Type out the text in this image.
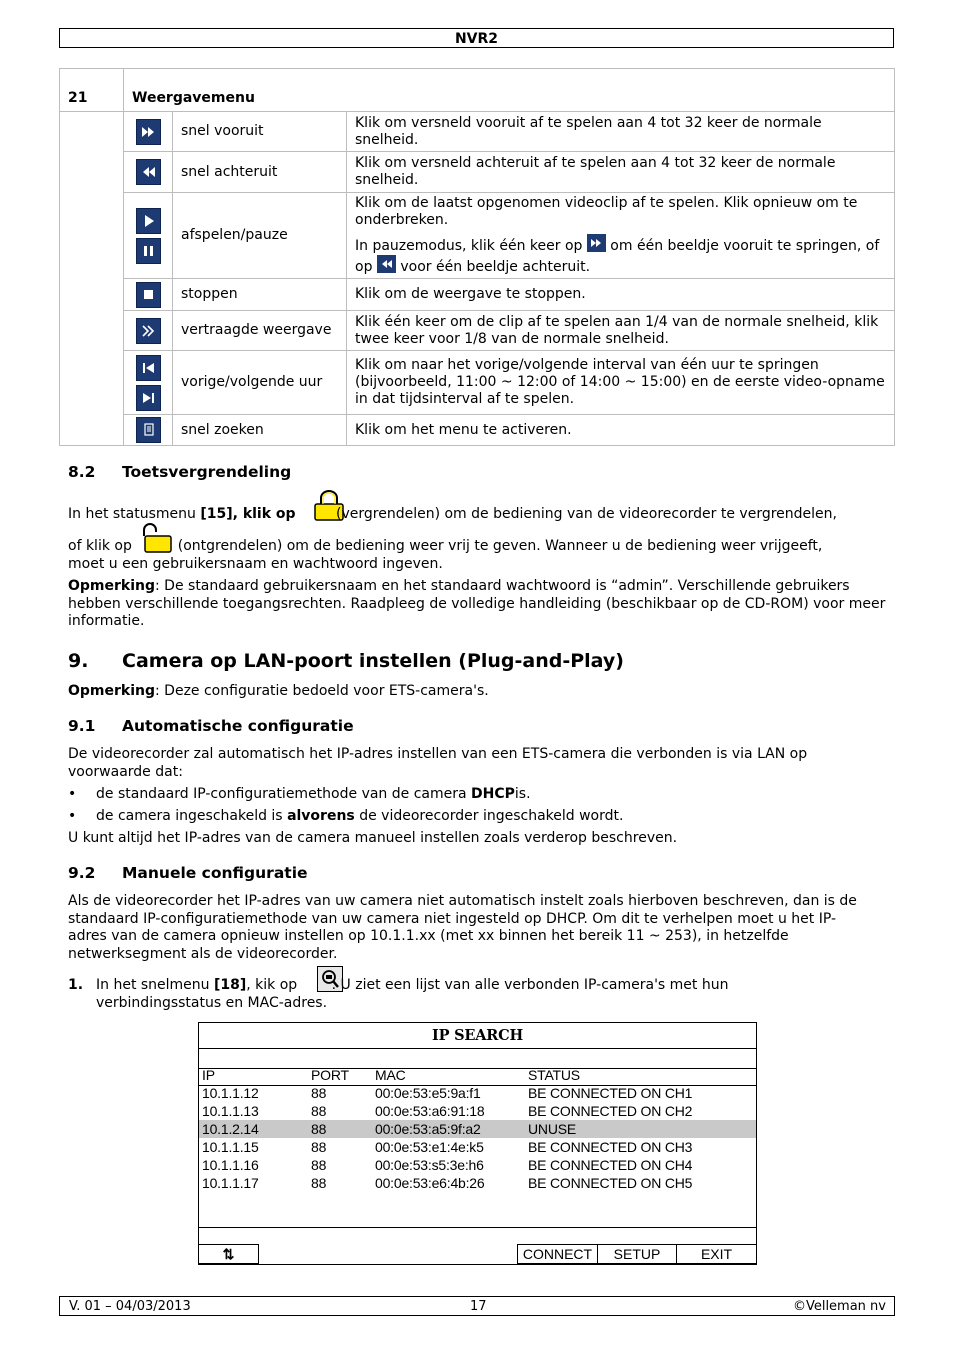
NVR2
21	Weergavemenu		

	snel vooruit	Klik om versneld vooruit af te spelen aan 4 tot 32 keer de normale snelheid.

	snel achteruit	Klik om versneld achteruit af te spelen aan 4 tot 32 keer de normale snelheid.

	afspelen/pauze	Klik om de laatst opgenomen videoclip af te spelen. Klik opnieuw om te onderbreken.

In pauzemodus, klik één keer op
om één beeldje vooruit te springen, of op
voor één beeldje achteruit.

	stoppen	Klik om de weergave te stoppen.

	vertraagde weergave	Klik één keer om de clip af te spelen aan 1/4 van de normale snelheid, klik twee keer voor 1/8 van de normale snelheid.

	vorige/volgende uur	Klik om naar het vorige/volgende interval van één uur te springen (bijvoorbeeld, 11:00 ~ 12:00 of 14:00 ~ 15:00) en de eerste video-opname in dat tijdsinterval af te spelen.

	snel zoeken	Klik om het menu te activeren.
8.2 Toetsvergrendeling
In het statusmenu [15], klik op	(vergrendelen) om de bediening van de videorecorder te vergrendelen,
of klik op	(ontgrendelen) om de bediening weer vrij te geven. Wanneer u de bediening weer vrijgeeft,
moet u een gebruikersnaam en wachtwoord ingeven.
Opmerking: De standaard gebruikersnaam en het standaard wachtwoord is “admin”. Verschillende gebruikers hebben verschillende toegangsrechten. Raadpleeg de volledige handleiding (beschikbaar op de CD-ROM) voor meer informatie.
9. Camera op LAN-poort instellen (Plug-and-Play)
Opmerking: Deze configuratie bedoeld voor ETS-camera's.
9.1 Automatische configuratie
De videorecorder zal automatisch het IP-adres instellen van een ETS-camera die verbonden is via LAN op voorwaarde dat:
• de standaard IP-configuratiemethode van de camera DHCPis.
• de camera ingeschakeld is alvorens de videorecorder ingeschakeld wordt.
U kunt altijd het IP-adres van de camera manueel instellen zoals verderop beschreven.
9.2 Manuele configuratie
Als de videorecorder het IP-adres van uw camera niet automatisch instelt zoals hierboven beschreven, dan is de standaard IP-configuratiemethode van uw camera niet ingesteld op DHCP. Om dit te verhelpen moet u het IP-adres van de camera opnieuw instellen op 10.1.1.xx (met xx binnen het bereik 11 ~ 253), in hetzelfde netwerksegment als de videorecorder.
1. In het snelmenu [18], kik op . U ziet een lijst van alle verbonden IP-camera's met hun
verbindingsstatus en MAC-adres.
IP SEARCH
IP	PORT MAC	STATUS
10.1.1.12	88	00:0e:53:e5:9a:f1	BE CONNECTED ON CH1
10.1.1.13	88	00:0e:53:a6:91:18	BE CONNECTED ON CH2
10.1.2.14	88	00:0e:53:a5:9f:a2	UNUSE
10.1.1.15	88	00:0e:53:e1:4e:k5	BE CONNECTED ON CH3
10.1.1.16	88	00:0e:53:s5:3e:h6	BE CONNECTED ON CH4
10.1.1.17	88	00:0e:53:e6:4b:26	BE CONNECTED ON CH5
⇅	CONNECT	SETUP	EXIT
V. 01 – 04/03/2013	17	©Velleman nv
